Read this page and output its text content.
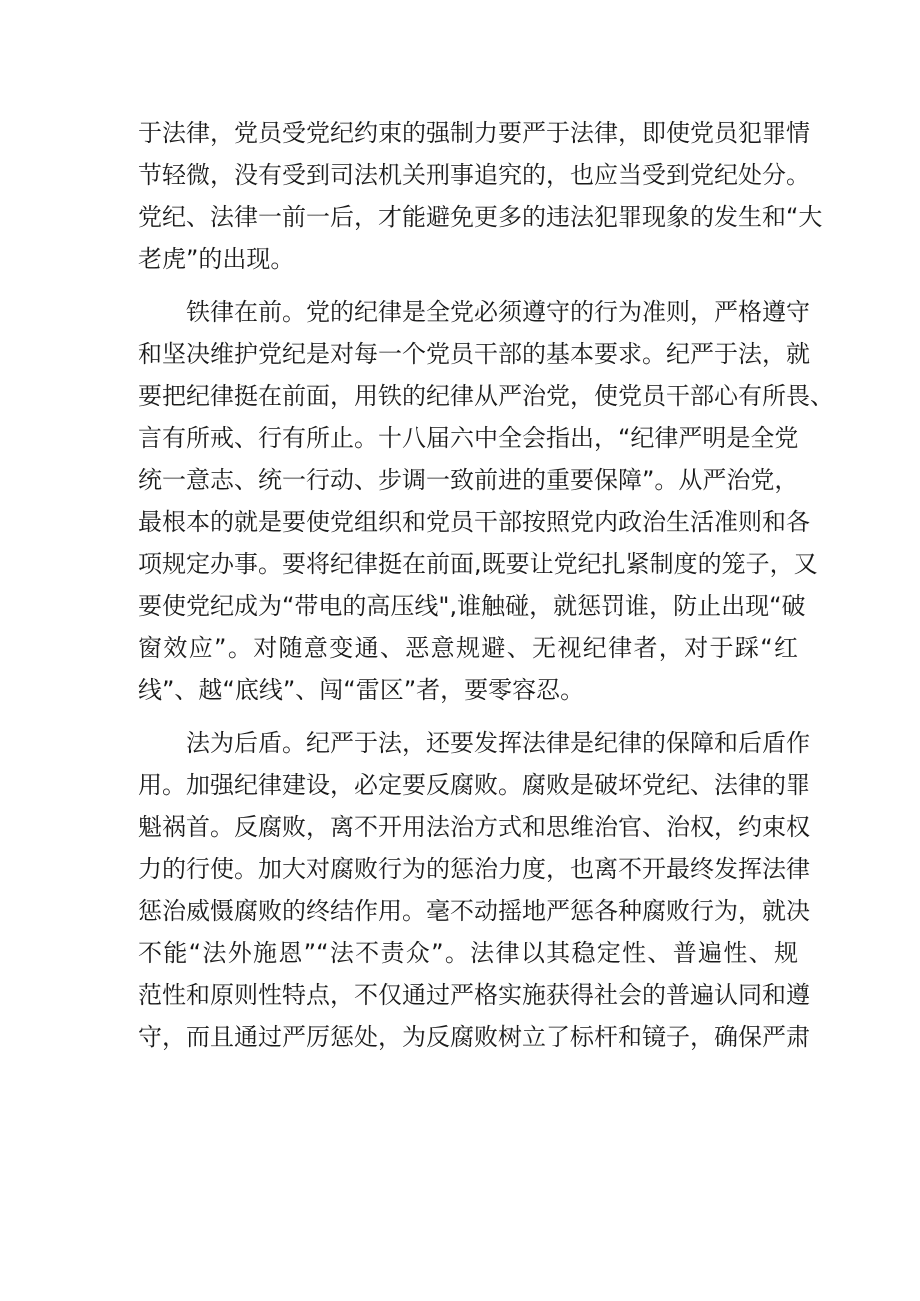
于法律，党员受党纪约束的强制力要严于法律，即使党员犯罪情
节轻微，没有受到司法机关刑事追究的，也应当受到党纪处分。
党纪、法律一前一后，才能避免更多的违法犯罪现象的发生和“大
老虎”的出现。
铁律在前。党的纪律是全党必须遵守的行为准则，严格遵守
和坚决维护党纪是对每一个党员干部的基本要求。纪严于法，就
要把纪律挺在前面，用铁的纪律从严治党，使党员干部心有所畏、
言有所戒、行有所止。十八届六中全会指出，“纪律严明是全党
统一意志、统一行动、步调一致前进的重要保障”。从严治党，
最根本的就是要使党组织和党员干部按照党内政治生活准则和各
项规定办事。要将纪律挺在前面,既要让党纪扎紧制度的笼子，又
要使党纪成为“带电的高压线",谁触碰，就惩罚谁，防止出现“破
窗效应”。对随意变通、恶意规避、无视纪律者，对于踩“红
线”、越“底线”、闯“雷区”者，要零容忍。
法为后盾。纪严于法，还要发挥法律是纪律的保障和后盾作
用。加强纪律建设，必定要反腐败。腐败是破坏党纪、法律的罪
魁祸首。反腐败，离不开用法治方式和思维治官、治权，约束权
力的行使。加大对腐败行为的惩治力度，也离不开最终发挥法律
惩治威慑腐败的终结作用。毫不动摇地严惩各种腐败行为，就决
不能“法外施恩”“法不责众”。法律以其稳定性、普遍性、规
范性和原则性特点，不仅通过严格实施获得社会的普遍认同和遵
守，而且通过严厉惩处，为反腐败树立了标杆和镜子，确保严肃
